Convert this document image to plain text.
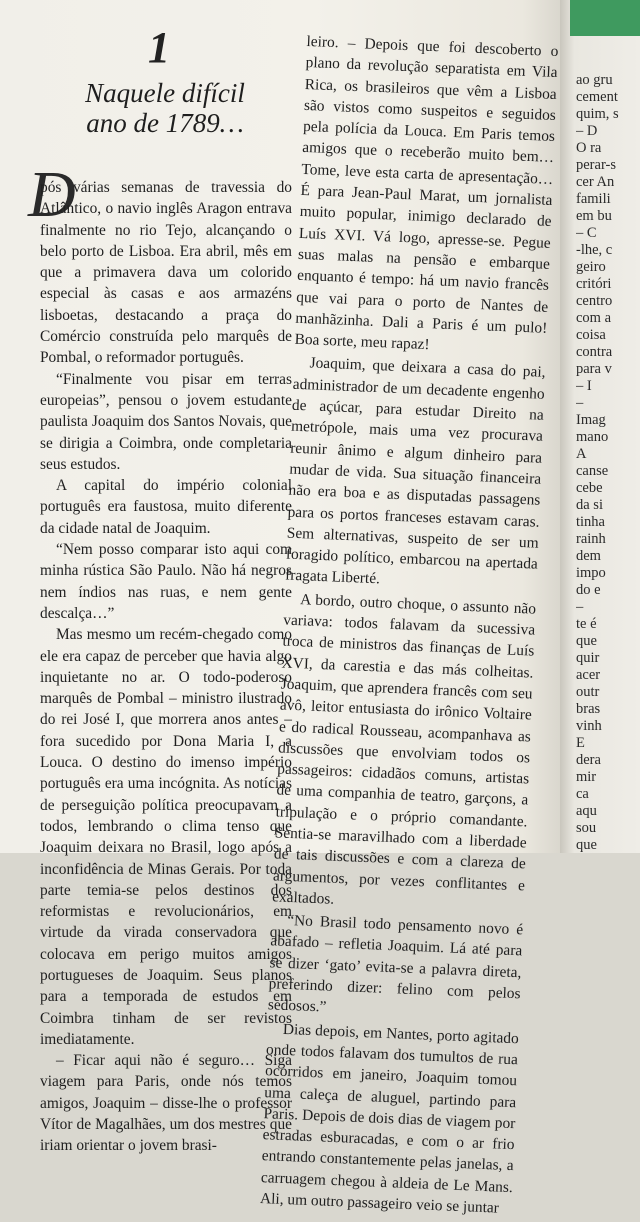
1
Naquele difícil
ano de 1789…
D

pós várias semanas de travessia do Atlântico, o navio inglês Aragon entrava finalmente no rio Tejo, alcançando o belo porto de Lisboa. Era abril, mês em que a primavera dava um colorido especial às casas e aos armazéns lisboetas, destacando a praça do Comércio construída pelo marquês de Pombal, o reformador português.

“Finalmente vou pisar em terras europeias”, pensou o jovem estudante paulista Joaquim dos Santos Novais, que se dirigia a Coimbra, onde completaria seus estudos.

A capital do império colonial português era faustosa, muito diferente da cidade natal de Joaquim.

“Nem posso comparar isto aqui com minha rústica São Paulo. Não há negros nem índios nas ruas, e nem gente descalça…”

Mas mesmo um recém-chegado como ele era capaz de perceber que havia algo inquietante no ar. O todo-poderoso marquês de Pombal – ministro ilustrado do rei José I, que morrera anos antes – fora sucedido por Dona Maria I, a Louca. O destino do imenso império português era uma incógnita. As notícias de perseguição política preocupavam a todos, lembrando o clima tenso que Joaquim deixara no Brasil, logo após a inconfidência de Minas Gerais. Por toda parte temia-se pelos destinos dos reformistas e revolucionários, em virtude da virada conservadora que colocava em perigo muitos amigos portugueses de Joaquim. Seus planos para a temporada de estudos em Coimbra tinham de ser revistos imediatamente.

– Ficar aqui não é seguro… Siga viagem para Paris, onde nós temos amigos, Joaquim – disse-lhe o professor Vítor de Magalhães, um dos mestres que iriam orientar o jovem brasi-

leiro. – Depois que foi descoberto o plano da revolução separatista em Vila Rica, os brasileiros que vêm a Lisboa são vistos como suspeitos e seguidos pela polícia da Louca. Em Paris temos amigos que o receberão muito bem… Tome, leve esta carta de apresentação… É para Jean-Paul Marat, um jornalista muito popular, inimigo declarado de Luís XVI. Vá logo, apresse-se. Pegue suas malas na pensão e embarque enquanto é tempo: há um navio francês que vai para o porto de Nantes de manhãzinha. Dali a Paris é um pulo! Boa sorte, meu rapaz!

Joaquim, que deixara a casa do pai, administrador de um decadente engenho de açúcar, para estudar Direito na metrópole, mais uma vez procurava reunir ânimo e algum dinheiro para mudar de vida. Sua situação financeira não era boa e as disputadas passagens para os portos franceses estavam caras. Sem alternativas, suspeito de ser um foragido político, embarcou na apertada fragata Liberté.

A bordo, outro choque, o assunto não variava: todos falavam da sucessiva troca de ministros das finanças de Luís XVI, da carestia e das más colheitas. Joaquim, que aprendera francês com seu avô, leitor entusiasta do irônico Voltaire e do radical Rousseau, acompanhava as discussões que envolviam todos os passageiros: cidadãos comuns, artistas de uma companhia de teatro, garçons, a tripulação e o próprio comandante. Sentia-se maravilhado com a liberdade de tais discussões e com a clareza de argumentos, por vezes conflitantes e exaltados.

“No Brasil todo pensamento novo é abafado – refletia Joaquim. Lá até para se dizer ‘gato’ evita-se a palavra direta, preferindo dizer: felino com pelos sedosos.”

Dias depois, em Nantes, porto agitado onde todos falavam dos tumultos de rua ocorridos em janeiro, Joaquim tomou uma caleça de aluguel, partindo para Paris. Depois de dois dias de viagem por estradas esburacadas, e com o ar frio entrando constantemente pelas janelas, a carruagem chegou à aldeia de Le Mans. Ali, um outro passageiro veio se juntar

ao gru
cement
quim, s
– D
O ra
perar-s
cer An
famili
em bu
– C
-lhe, c
geiro
critóri
centro
com a
coisa
contra
para v
– I
–
Imag
mano
A
canse
cebe
da si
tinha
rainh
dem
impo
do e
–
te é
que
quir
acer
outr
bras
vinh
E
dera
mir
ca
aqu
sou
que
